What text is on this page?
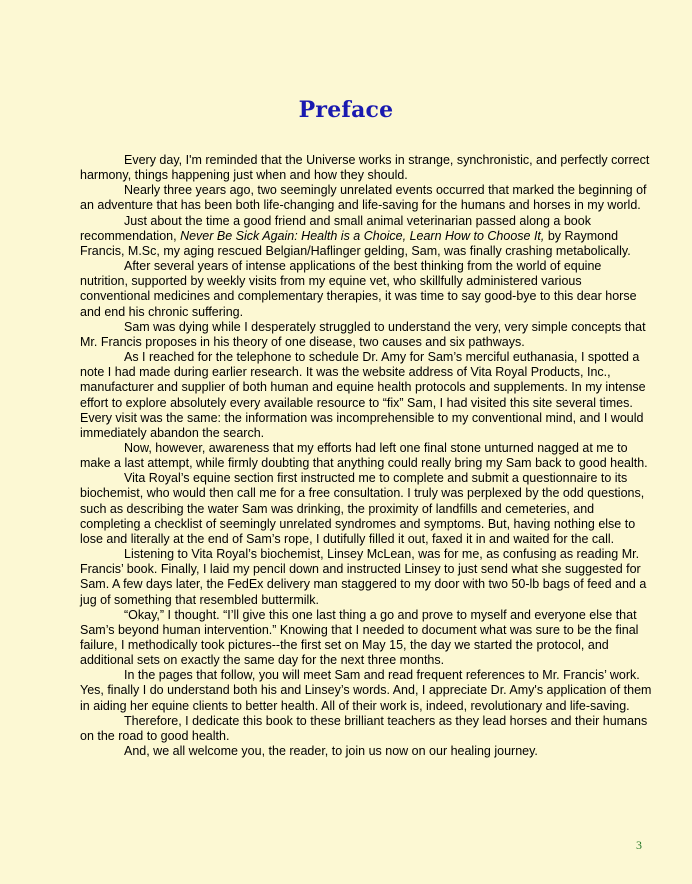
Preface

Every day, I'm reminded that the Universe works in strange, synchronistic, and perfectly correct harmony, things happening just when and how they should.

Nearly three years ago, two seemingly unrelated events occurred that marked the beginning of an adventure that has been both life-changing and life-saving for the humans and horses in my world.

Just about the time a good friend and small animal veterinarian passed along a book recommendation, Never Be Sick Again: Health is a Choice, Learn How to Choose It, by Raymond Francis, M.Sc, my aging rescued Belgian/Haflinger gelding, Sam, was finally crashing metabolically.

After several years of intense applications of the best thinking from the world of equine nutrition, supported by weekly visits from my equine vet, who skillfully administered various conventional medicines and complementary therapies, it was time to say good-bye to this dear horse and end his chronic suffering.

Sam was dying while I desperately struggled to understand the very, very simple concepts that Mr. Francis proposes in his theory of one disease, two causes and six pathways.

As I reached for the telephone to schedule Dr. Amy for Sam’s merciful euthanasia, I spotted a note I had made during earlier research. It was the website address of Vita Royal Products, Inc., manufacturer and supplier of both human and equine health protocols and supplements. In my intense effort to explore absolutely every available resource to “fix” Sam, I had visited this site several times. Every visit was the same: the information was incomprehensible to my conventional mind, and I would immediately abandon the search.

Now, however, awareness that my efforts had left one final stone unturned nagged at me to make a last attempt, while firmly doubting that anything could really bring my Sam back to good health.

Vita Royal’s equine section first instructed me to complete and submit a questionnaire to its biochemist, who would then call me for a free consultation. I truly was perplexed by the odd questions, such as describing the water Sam was drinking, the proximity of landfills and cemeteries, and completing a checklist of seemingly unrelated syndromes and symptoms. But, having nothing else to lose and literally at the end of Sam’s rope, I dutifully filled it out, faxed it in and waited for the call.

Listening to Vita Royal’s biochemist, Linsey McLean, was for me, as confusing as reading Mr. Francis’ book. Finally, I laid my pencil down and instructed Linsey to just send what she suggested for Sam. A few days later, the FedEx delivery man staggered to my door with two 50-lb bags of feed and a jug of something that resembled buttermilk.

“Okay,” I thought. “I’ll give this one last thing a go and prove to myself and everyone else that Sam’s beyond human intervention.” Knowing that I needed to document what was sure to be the final failure, I methodically took pictures--the first set on May 15, the day we started the protocol, and additional sets on exactly the same day for the next three months.

In the pages that follow, you will meet Sam and read frequent references to Mr. Francis’ work. Yes, finally I do understand both his and Linsey’s words. And, I appreciate Dr. Amy's application of them in aiding her equine clients to better health. All of their work is, indeed, revolutionary and life-saving.

Therefore, I dedicate this book to these brilliant teachers as they lead horses and their humans on the road to good health.

And, we all welcome you, the reader, to join us now on our healing journey.

3
